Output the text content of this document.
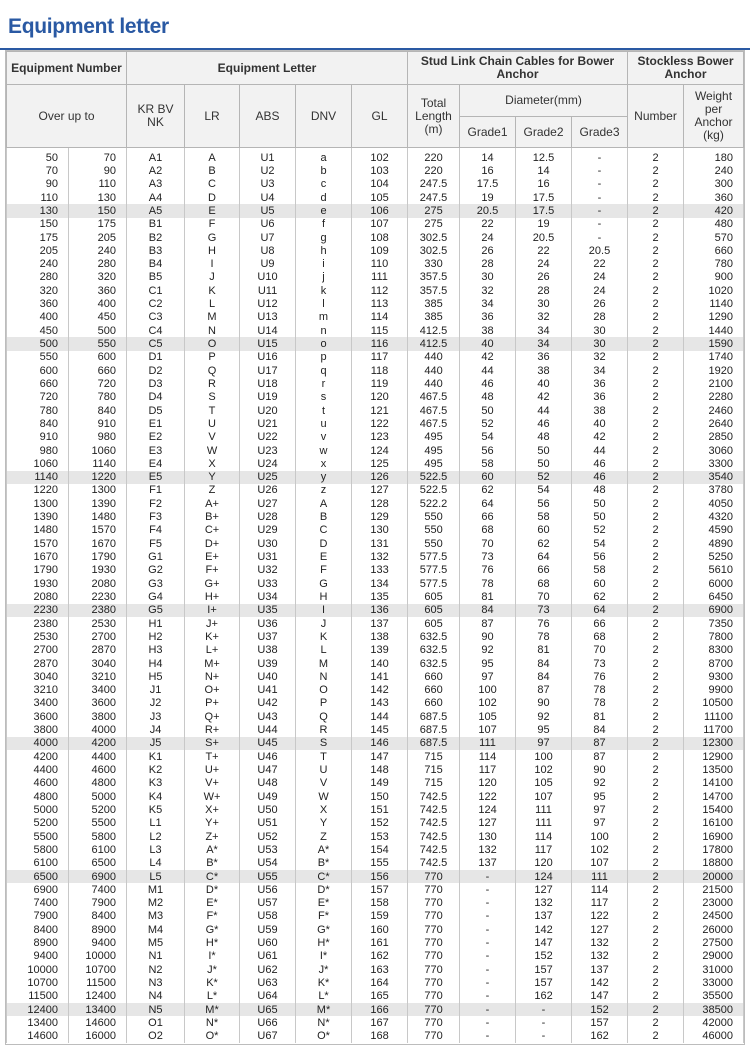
Equipment letter
Equipment Number		Equipment Letter					Stud Link Chain Cables for Bower Anchor				Stockless Bower Anchor	
Over up to		KR BV NK	LR	ABS	DNV	GL	Total Length (m)	Diameter(mm)			Number	Weight per Anchor (kg)
								Grade1	Grade2	Grade3		
50	70	A1	A	U1	a	102	220	14	12.5	-	2	180
70	90	A2	B	U2	b	103	220	16	14	-	2	240
90	110	A3	C	U3	c	104	247.5	17.5	16	-	2	300
110	130	A4	D	U4	d	105	247.5	19	17.5	-	2	360
130	150	A5	E	U5	e	106	275	20.5	17.5	-	2	420
150	175	B1	F	U6	f	107	275	22	19	-	2	480
175	205	B2	G	U7	g	108	302.5	24	20.5	-	2	570
205	240	B3	H	U8	h	109	302.5	26	22	20.5	2	660
240	280	B4	I	U9	i	110	330	28	24	22	2	780
280	320	B5	J	U10	j	111	357.5	30	26	24	2	900
320	360	C1	K	U11	k	112	357.5	32	28	24	2	1020
360	400	C2	L	U12	l	113	385	34	30	26	2	1140
400	450	C3	M	U13	m	114	385	36	32	28	2	1290
450	500	C4	N	U14	n	115	412.5	38	34	30	2	1440
500	550	C5	O	U15	o	116	412.5	40	34	30	2	1590
550	600	D1	P	U16	p	117	440	42	36	32	2	1740
600	660	D2	Q	U17	q	118	440	44	38	34	2	1920
660	720	D3	R	U18	r	119	440	46	40	36	2	2100
720	780	D4	S	U19	s	120	467.5	48	42	36	2	2280
780	840	D5	T	U20	t	121	467.5	50	44	38	2	2460
840	910	E1	U	U21	u	122	467.5	52	46	40	2	2640
910	980	E2	V	U22	v	123	495	54	48	42	2	2850
980	1060	E3	W	U23	w	124	495	56	50	44	2	3060
1060	1140	E4	X	U24	x	125	495	58	50	46	2	3300
1140	1220	E5	Y	U25	y	126	522.5	60	52	46	2	3540
1220	1300	F1	Z	U26	z	127	522.5	62	54	48	2	3780
1300	1390	F2	A+	U27	A	128	522.2	64	56	50	2	4050
1390	1480	F3	B+	U28	B	129	550	66	58	50	2	4320
1480	1570	F4	C+	U29	C	130	550	68	60	52	2	4590
1570	1670	F5	D+	U30	D	131	550	70	62	54	2	4890
1670	1790	G1	E+	U31	E	132	577.5	73	64	56	2	5250
1790	1930	G2	F+	U32	F	133	577.5	76	66	58	2	5610
1930	2080	G3	G+	U33	G	134	577.5	78	68	60	2	6000
2080	2230	G4	H+	U34	H	135	605	81	70	62	2	6450
2230	2380	G5	I+	U35	I	136	605	84	73	64	2	6900
2380	2530	H1	J+	U36	J	137	605	87	76	66	2	7350
2530	2700	H2	K+	U37	K	138	632.5	90	78	68	2	7800
2700	2870	H3	L+	U38	L	139	632.5	92	81	70	2	8300
2870	3040	H4	M+	U39	M	140	632.5	95	84	73	2	8700
3040	3210	H5	N+	U40	N	141	660	97	84	76	2	9300
3210	3400	J1	O+	U41	O	142	660	100	87	78	2	9900
3400	3600	J2	P+	U42	P	143	660	102	90	78	2	10500
3600	3800	J3	Q+	U43	Q	144	687.5	105	92	81	2	11100
3800	4000	J4	R+	U44	R	145	687.5	107	95	84	2	11700
4000	4200	J5	S+	U45	S	146	687.5	111	97	87	2	12300
4200	4400	K1	T+	U46	T	147	715	114	100	87	2	12900
4400	4600	K2	U+	U47	U	148	715	117	102	90	2	13500
4600	4800	K3	V+	U48	V	149	715	120	105	92	2	14100
4800	5000	K4	W+	U49	W	150	742.5	122	107	95	2	14700
5000	5200	K5	X+	U50	X	151	742.5	124	111	97	2	15400
5200	5500	L1	Y+	U51	Y	152	742.5	127	111	97	2	16100
5500	5800	L2	Z+	U52	Z	153	742.5	130	114	100	2	16900
5800	6100	L3	A*	U53	A*	154	742.5	132	117	102	2	17800
6100	6500	L4	B*	U54	B*	155	742.5	137	120	107	2	18800
6500	6900	L5	C*	U55	C*	156	770	-	124	111	2	20000
6900	7400	M1	D*	U56	D*	157	770	-	127	114	2	21500
7400	7900	M2	E*	U57	E*	158	770	-	132	117	2	23000
7900	8400	M3	F*	U58	F*	159	770	-	137	122	2	24500
8400	8900	M4	G*	U59	G*	160	770	-	142	127	2	26000
8900	9400	M5	H*	U60	H*	161	770	-	147	132	2	27500
9400	10000	N1	I*	U61	I*	162	770	-	152	132	2	29000
10000	10700	N2	J*	U62	J*	163	770	-	157	137	2	31000
10700	11500	N3	K*	U63	K*	164	770	-	157	142	2	33000
11500	12400	N4	L*	U64	L*	165	770	-	162	147	2	35500
12400	13400	N5	M*	U65	M*	166	770	-	-	152	2	38500
13400	14600	O1	N*	U66	N*	167	770	-	-	157	2	42000
14600	16000	O2	O*	U67	O*	168	770	-	-	162	2	46000
